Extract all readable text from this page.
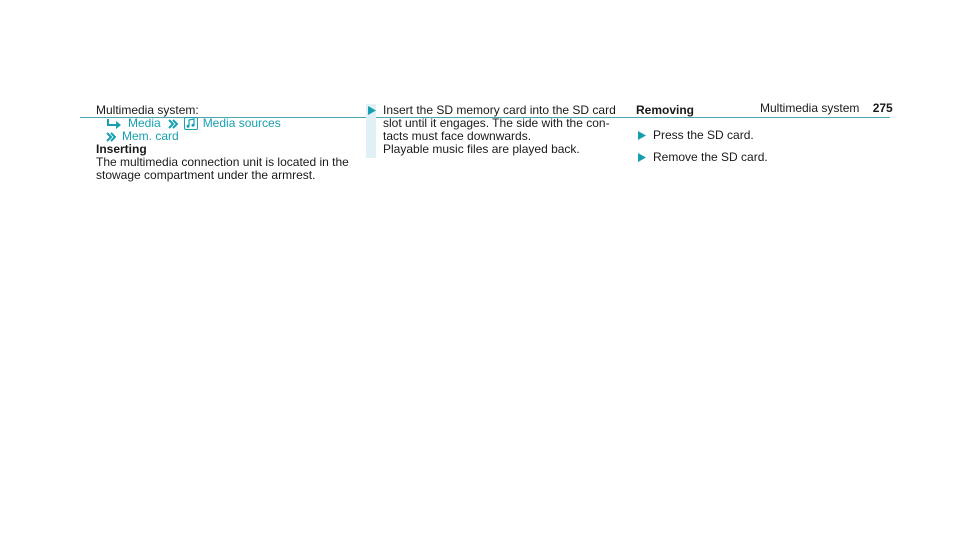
Multimedia system 275
Multimedia system:
Media	Media sources
Mem. card
Inserting
The multimedia connection unit is located in the
stowage compartment under the armrest.
Insert the SD memory card into the SD card
slot until it engages. The side with the con-
tacts must face downwards.
Playable music files are played back.
Removing
Press the SD card.
Remove the SD card.
